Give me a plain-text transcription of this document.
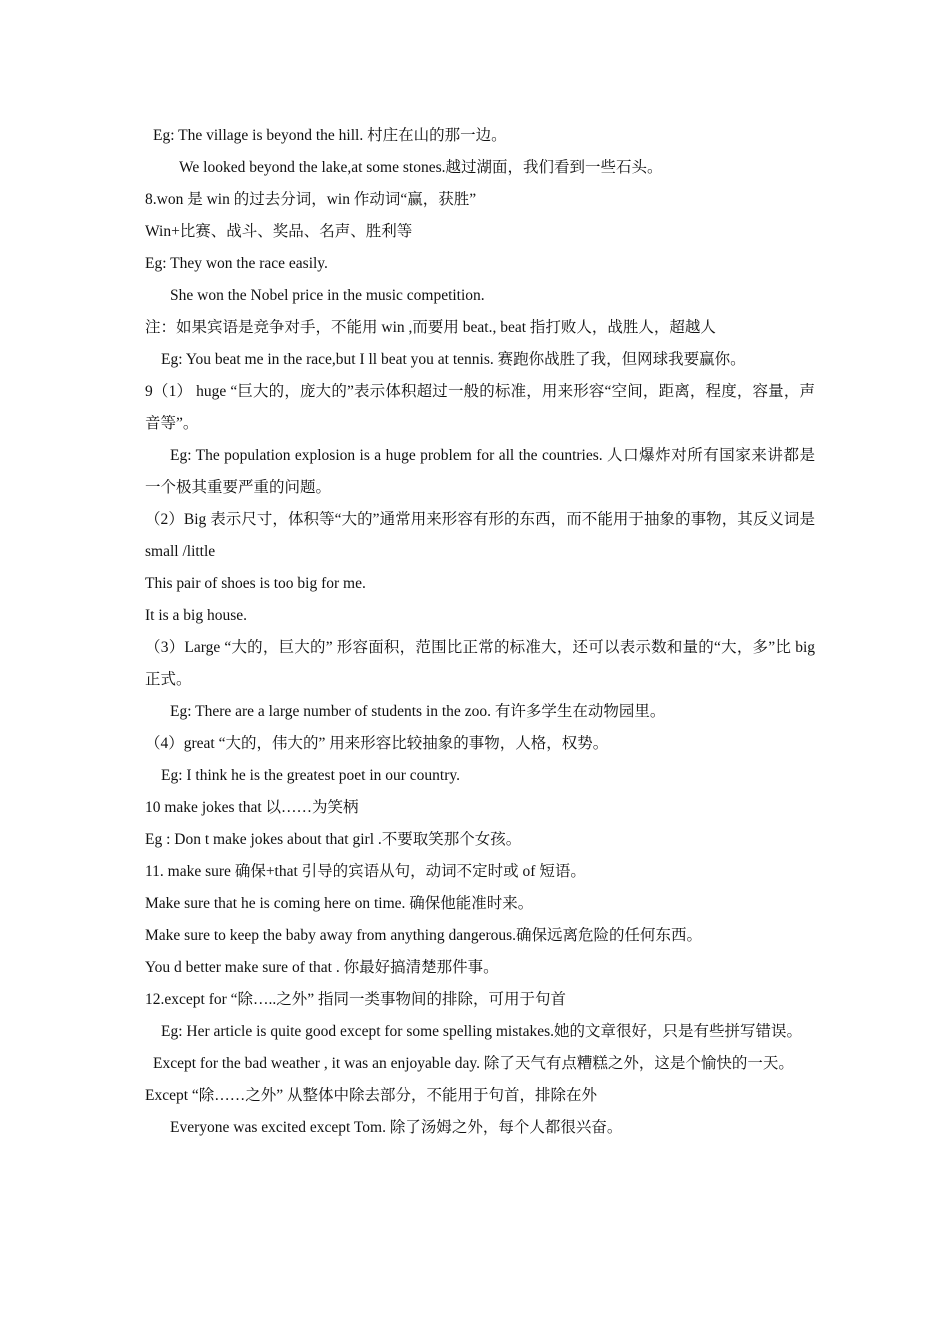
Eg: The village is beyond the hill. 村庄在山的那一边。
We looked beyond the lake,at some stones.越过湖面，我们看到一些石头。
8.won 是 win 的过去分词，win 作动词“赢，获胜”
Win+比赛、战斗、奖品、名声、胜利等
Eg: They won the race easily.
She won the Nobel price in the music competition.
注：如果宾语是竞争对手，不能用 win ,而要用 beat., beat 指打败人，战胜人，超越人
Eg: You beat me in the race,but I ll beat you at tennis. 赛跑你战胜了我，但网球我要赢你。
9（1） huge “巨大的，庞大的”表示体积超过一般的标准，用来形容“空间，距离，程度，容量，声音等”。
Eg: The population explosion is a huge problem for all the countries. 人口爆炸对所有国家来讲都是一个极其重要严重的问题。
（2）Big 表示尺寸，体积等“大的”通常用来形容有形的东西，而不能用于抽象的事物，其反义词是 small /little
This pair of shoes is too big for me.
It is a big house.
（3）Large “大的，巨大的” 形容面积，范围比正常的标准大，还可以表示数和量的“大，多”比 big 正式。
Eg: There are a large number of students in the zoo. 有许多学生在动物园里。
（4）great “大的，伟大的” 用来形容比较抽象的事物，人格，权势。
Eg: I think he is the greatest poet in our country.
10 make jokes that 以……为笑柄
Eg : Don t make jokes about that girl .不要取笑那个女孩。
11. make sure 确保+that 引导的宾语从句，动词不定时或 of 短语。
Make sure that he is coming here on time. 确保他能准时来。
Make sure to keep the baby away from anything dangerous.确保远离危险的任何东西。
You d better make sure of that . 你最好搞清楚那件事。
12.except for “除…..之外” 指同一类事物间的排除，可用于句首
Eg: Her article is quite good except for some spelling mistakes.她的文章很好，只是有些拼写错误。
Except for the bad weather , it was an enjoyable day. 除了天气有点糟糕之外，这是个愉快的一天。
Except “除……之外” 从整体中除去部分，不能用于句首，排除在外
Everyone was excited except Tom. 除了汤姆之外，每个人都很兴奋。
